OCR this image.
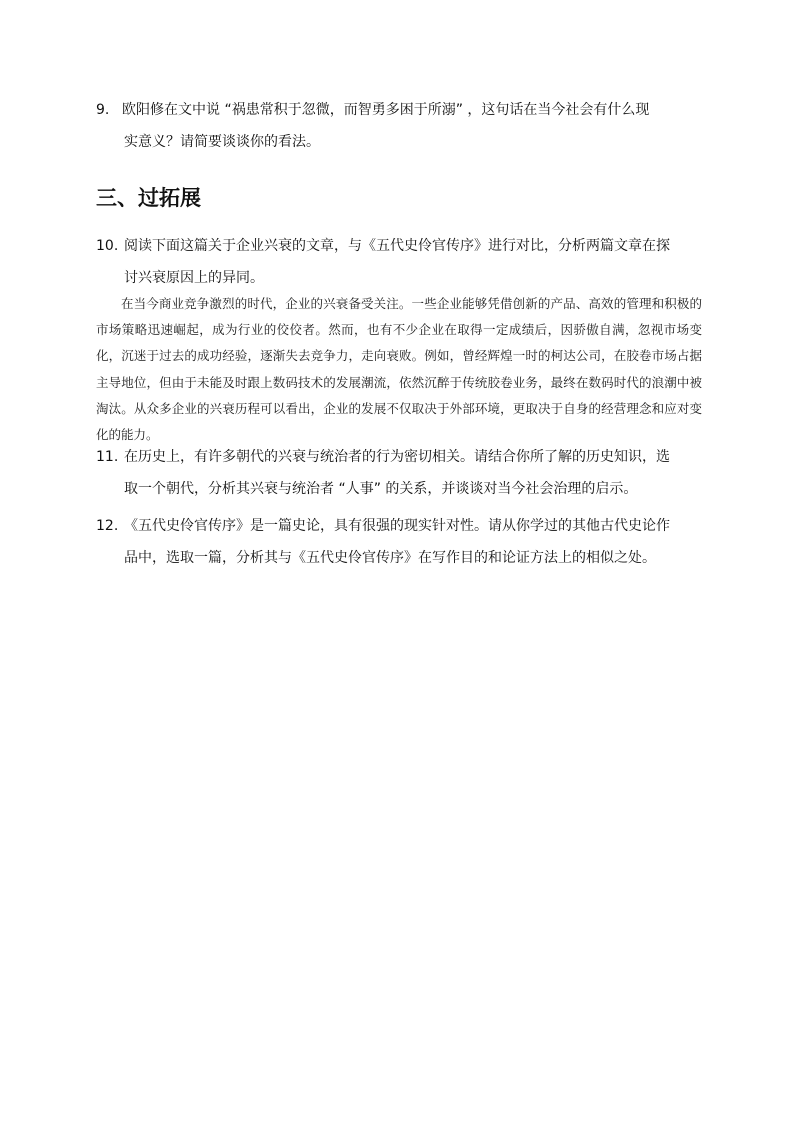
9. 欧阳修在文中说 “祸患常积于忽微，而智勇多困于所溺” ，这句话在当今社会有什么现
实意义？请简要谈谈你的看法。
三、过拓展
10. 阅读下面这篇关于企业兴衰的文章，与《五代史伶官传序》进行对比，分析两篇文章在探
讨兴衰原因上的异同。

在当今商业竞争激烈的时代，企业的兴衰备受关注。一些企业能够凭借创新的产品、高效的管理和积极的市场策略迅速崛起，成为行业的佼佼者。然而，也有不少企业在取得一定成绩后，因骄傲自满，忽视市场变化，沉迷于过去的成功经验，逐渐失去竞争力，走向衰败。例如，曾经辉煌一时的柯达公司，在胶卷市场占据主导地位，但由于未能及时跟上数码技术的发展潮流，依然沉醉于传统胶卷业务，最终在数码时代的浪潮中被淘汰。从众多企业的兴衰历程可以看出，企业的发展不仅取决于外部环境，更取决于自身的经营理念和应对变化的能力。

11. 在历史上，有许多朝代的兴衰与统治者的行为密切相关。请结合你所了解的历史知识，选
取一个朝代，分析其兴衰与统治者 “人事” 的关系，并谈谈对当今社会治理的启示。
12. 《五代史伶官传序》是一篇史论，具有很强的现实针对性。请从你学过的其他古代史论作
品中，选取一篇，分析其与《五代史伶官传序》在写作目的和论证方法上的相似之处。
